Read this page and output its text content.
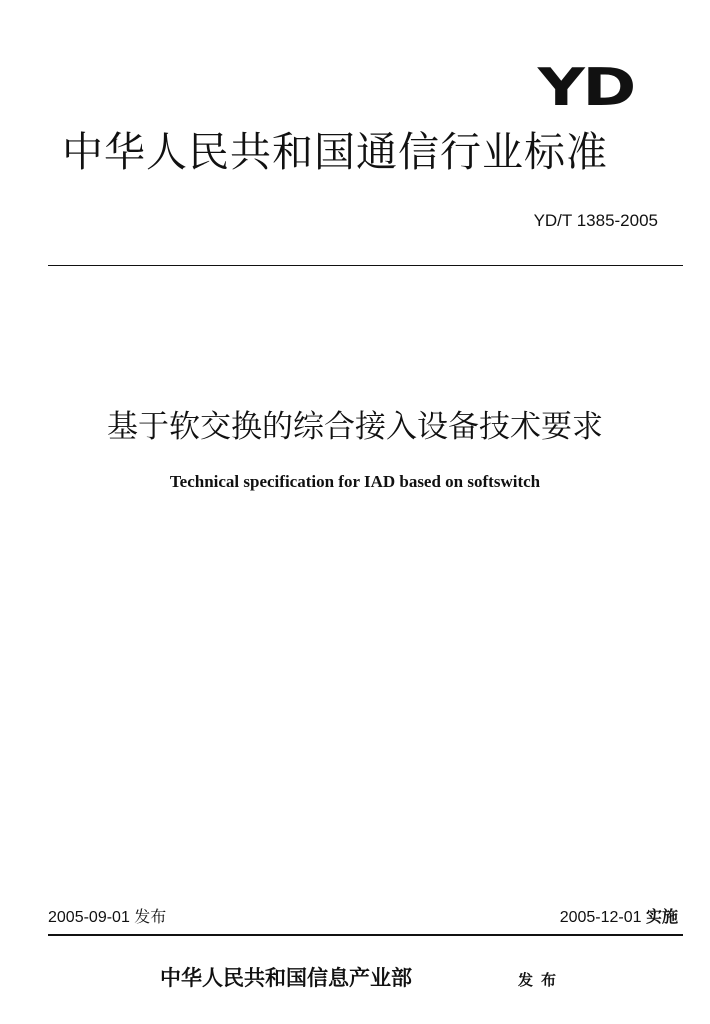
YD
中华人民共和国通信行业标准
YD/T 1385-2005
基于软交换的综合接入设备技术要求
Technical specification for IAD based on softswitch
2005-09-01 发布	2005-12-01 实施
中华人民共和国信息产业部	发布
